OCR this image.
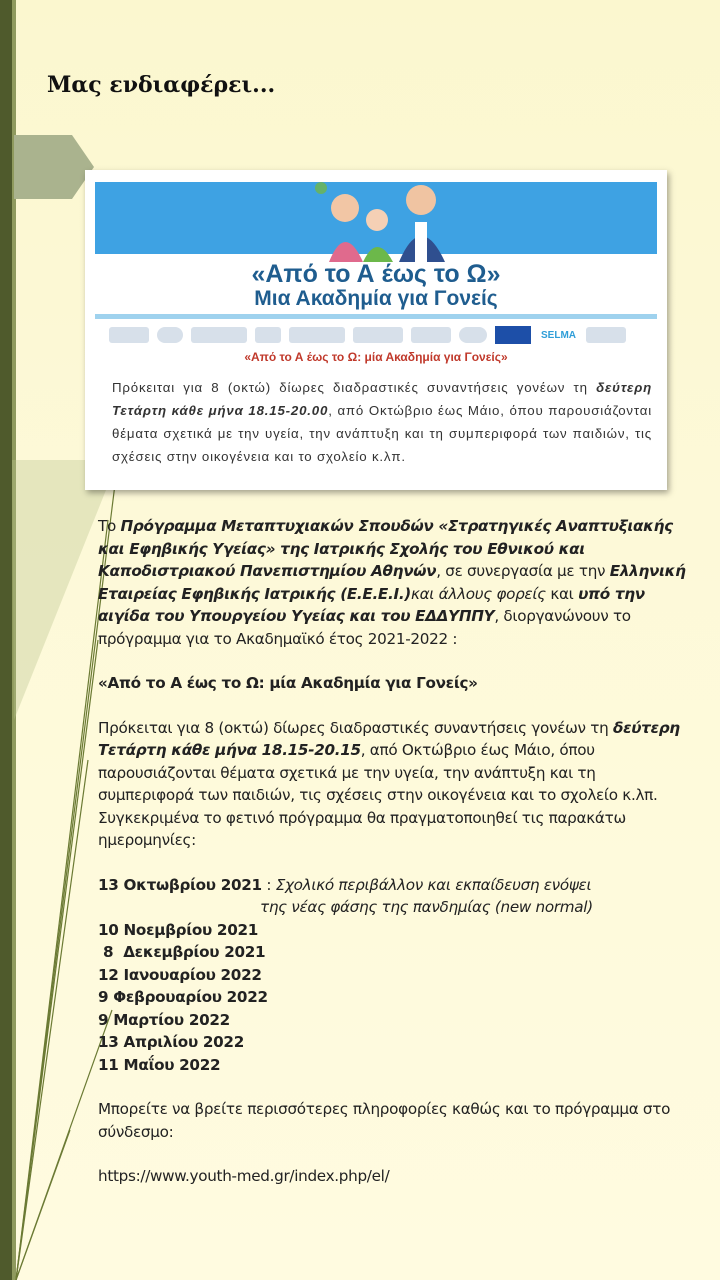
Μας ενδιαφέρει...
«Από το Α έως το Ω»
Μια Ακαδημία για Γονείς
SELMA
«Από το Α έως το Ω: μία Ακαδημία για Γονείς»
Πρόκειται για 8 (οκτώ) δίωρες διαδραστικές συναντήσεις γονέων τη δεύτερη Τετάρτη κάθε μήνα 18.15-20.00, από Οκτώβριο έως Μάιο, όπου παρουσιάζονται θέματα σχετικά με την υγεία, την ανάπτυξη και τη συμπεριφορά των παιδιών, τις σχέσεις στην οικογένεια και το σχολείο κ.λπ.

Το Πρόγραμμα Μεταπτυχιακών Σπουδών «Στρατηγικές Αναπτυξιακής και Εφηβικής Υγείας» της Ιατρικής Σχολής του Εθνικού και Καποδιστριακού Πανεπιστημίου Αθηνών, σε συνεργασία με την Ελληνική Εταιρείας Εφηβικής Ιατρικής (Ε.Ε.Ε.Ι.)και άλλους φορείς και υπό την αιγίδα του Υπουργείου Υγείας και του ΕΔΔΥΠΠΥ, διοργανώνουν το πρόγραμμα για το Ακαδημαϊκό έτος 2021-2022 :

«Από το Α έως το Ω: μία Ακαδημία για Γονείς»

Πρόκειται για 8 (οκτώ) δίωρες διαδραστικές συναντήσεις γονέων τη δεύτερη Τετάρτη κάθε μήνα 18.15-20.15, από Οκτώβριο έως Μάιο, όπου παρουσιάζονται θέματα σχετικά με την υγεία, την ανάπτυξη και τη συμπεριφορά των παιδιών, τις σχέσεις στην οικογένεια και το σχολείο κ.λπ. Συγκεκριμένα το φετινό πρόγραμμα θα πραγματοποιηθεί τις παρακάτω ημερομηνίες:

13 Οκτωβρίου 2021 : Σχολικό περιβάλλον και εκπαίδευση ενόψει

της νέας φάσης της πανδημίας (new normal)

10 Νοεμβρίου 2021

8  Δεκεμβρίου 2021

12 Ιανουαρίου 2022

9 Φεβρουαρίου 2022

9 Μαρτίου 2022

13 Απριλίου 2022

11 Μαΐου 2022

Μπορείτε να βρείτε περισσότερες πληροφορίες καθώς και το πρόγραμμα στο σύνδεσμο:

https://www.youth-med.gr/index.php/el/
